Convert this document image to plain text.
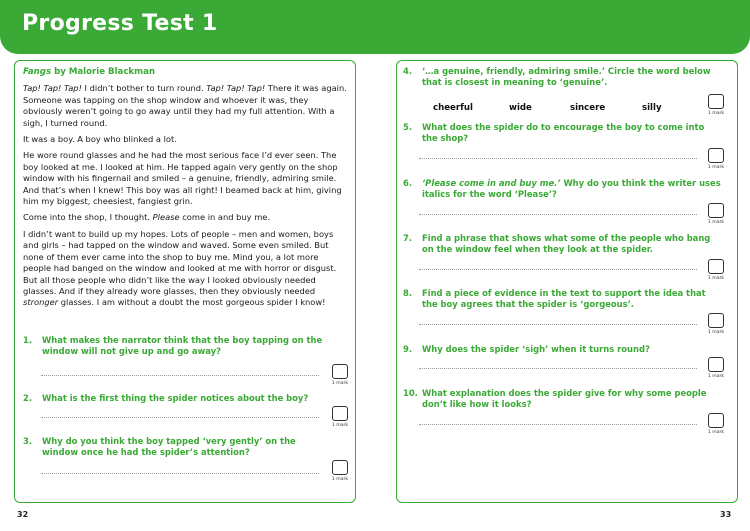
Progress Test 1

Fangs by Malorie Blackman

Tap! Tap! Tap! I didn’t bother to turn round. Tap! Tap! Tap! There it was again. Someone was tapping on the shop window and whoever it was, they obviously weren’t going to go away until they had my full attention. With a sigh, I turned round.

It was a boy. A boy who blinked a lot.

He wore round glasses and he had the most serious face I’d ever seen. The boy looked at me. I looked at him. He tapped again very gently on the shop window with his fingernail and smiled – a genuine, friendly, admiring smile. And that’s when I knew! This boy was all right! I beamed back at him, giving him my biggest, cheesiest, fangiest grin.

Come into the shop, I thought. Please come in and buy me.

I didn’t want to build up my hopes. Lots of people – men and women, boys and girls – had tapped on the window and waved. Some even smiled. But none of them ever came into the shop to buy me. Mind you, a lot more people had banged on the window and looked at me with horror or disgust. But all those people who didn’t like the way I looked obviously needed glasses. And if they already wore glasses, then they obviously needed stronger glasses. I am without a doubt the most gorgeous spider I know!

1. What makes the narrator think that the boy tapping on the window will not give up and go away?
1 mark
2. What is the first thing the spider notices about the boy?
1 mark
3. Why do you think the boy tapped ‘very gently’ on the window once he had the spider’s attention?
1 mark
4. ‘…a genuine, friendly, admiring smile.’ Circle the word below that is closest in meaning to ‘genuine’.
cheerful	wide	sincere	silly
1 mark
5. What does the spider do to encourage the boy to come into the shop?
1 mark
6. ‘Please come in and buy me.’ Why do you think the writer uses italics for the word ‘Please’?
1 mark
7. Find a phrase that shows what some of the people who bang on the window feel when they look at the spider.
1 mark
8. Find a piece of evidence in the text to support the idea that the boy agrees that the spider is ‘gorgeous’.
1 mark
9. Why does the spider ‘sigh’ when it turns round?
1 mark
10. What explanation does the spider give for why some people don’t like how it looks?
1 mark
32	33
